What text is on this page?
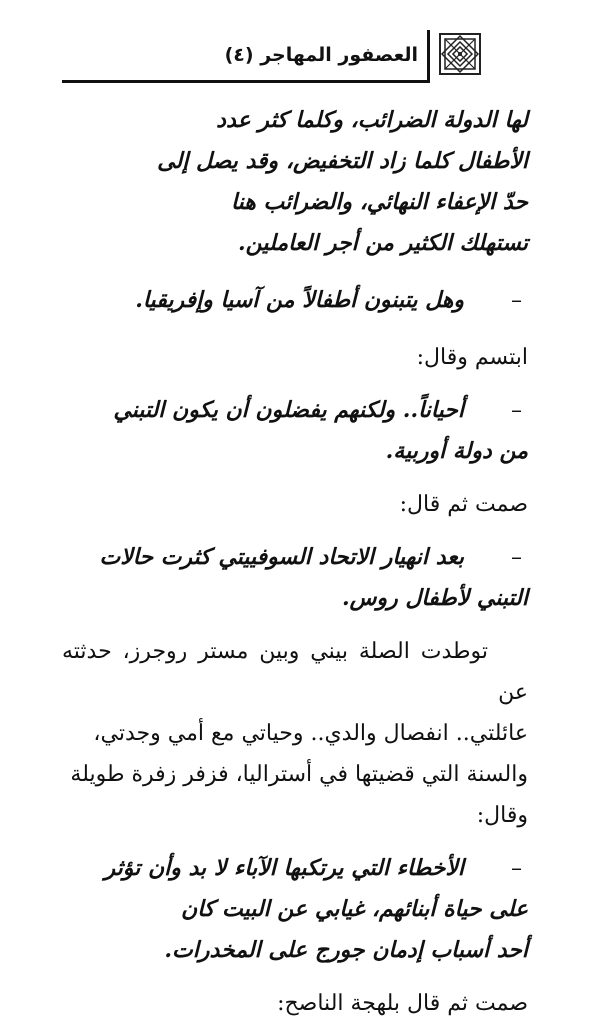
العصفور المهاجر (٤)

لها الدولة الضرائب، وكلما كثر عدد
الأطفال كلما زاد التخفيض، وقد يصل إلى
حدّ الإعفاء النهائي، والضرائب هنا
تستهلك الكثير من أجر العاملين.

–
وهل يتبنون أطفالاً من آسيا وإفريقيا.

ابتسم وقال:

–
أحياناً.. ولكنهم يفضلون أن يكون التبني
من دولة أوربية.

صمت ثم قال:

–
بعد انهيار الاتحاد السوفييتي كثرت حالات
التبني لأطفال روس.

توطدت الصلة بيني وبين مستر روجرز، حدثته عن
عائلتي.. انفصال والدي.. وحياتي مع أمي وجدتي،
والسنة التي قضيتها في أستراليا، فزفر زفرة طويلة
وقال:

–
الأخطاء التي يرتكبها الآباء لا بد وأن تؤثر
على حياة أبنائهم، غيابي عن البيت كان
أحد أسباب إدمان جورج على المخدرات.

صمت ثم قال بلهجة الناصح:
